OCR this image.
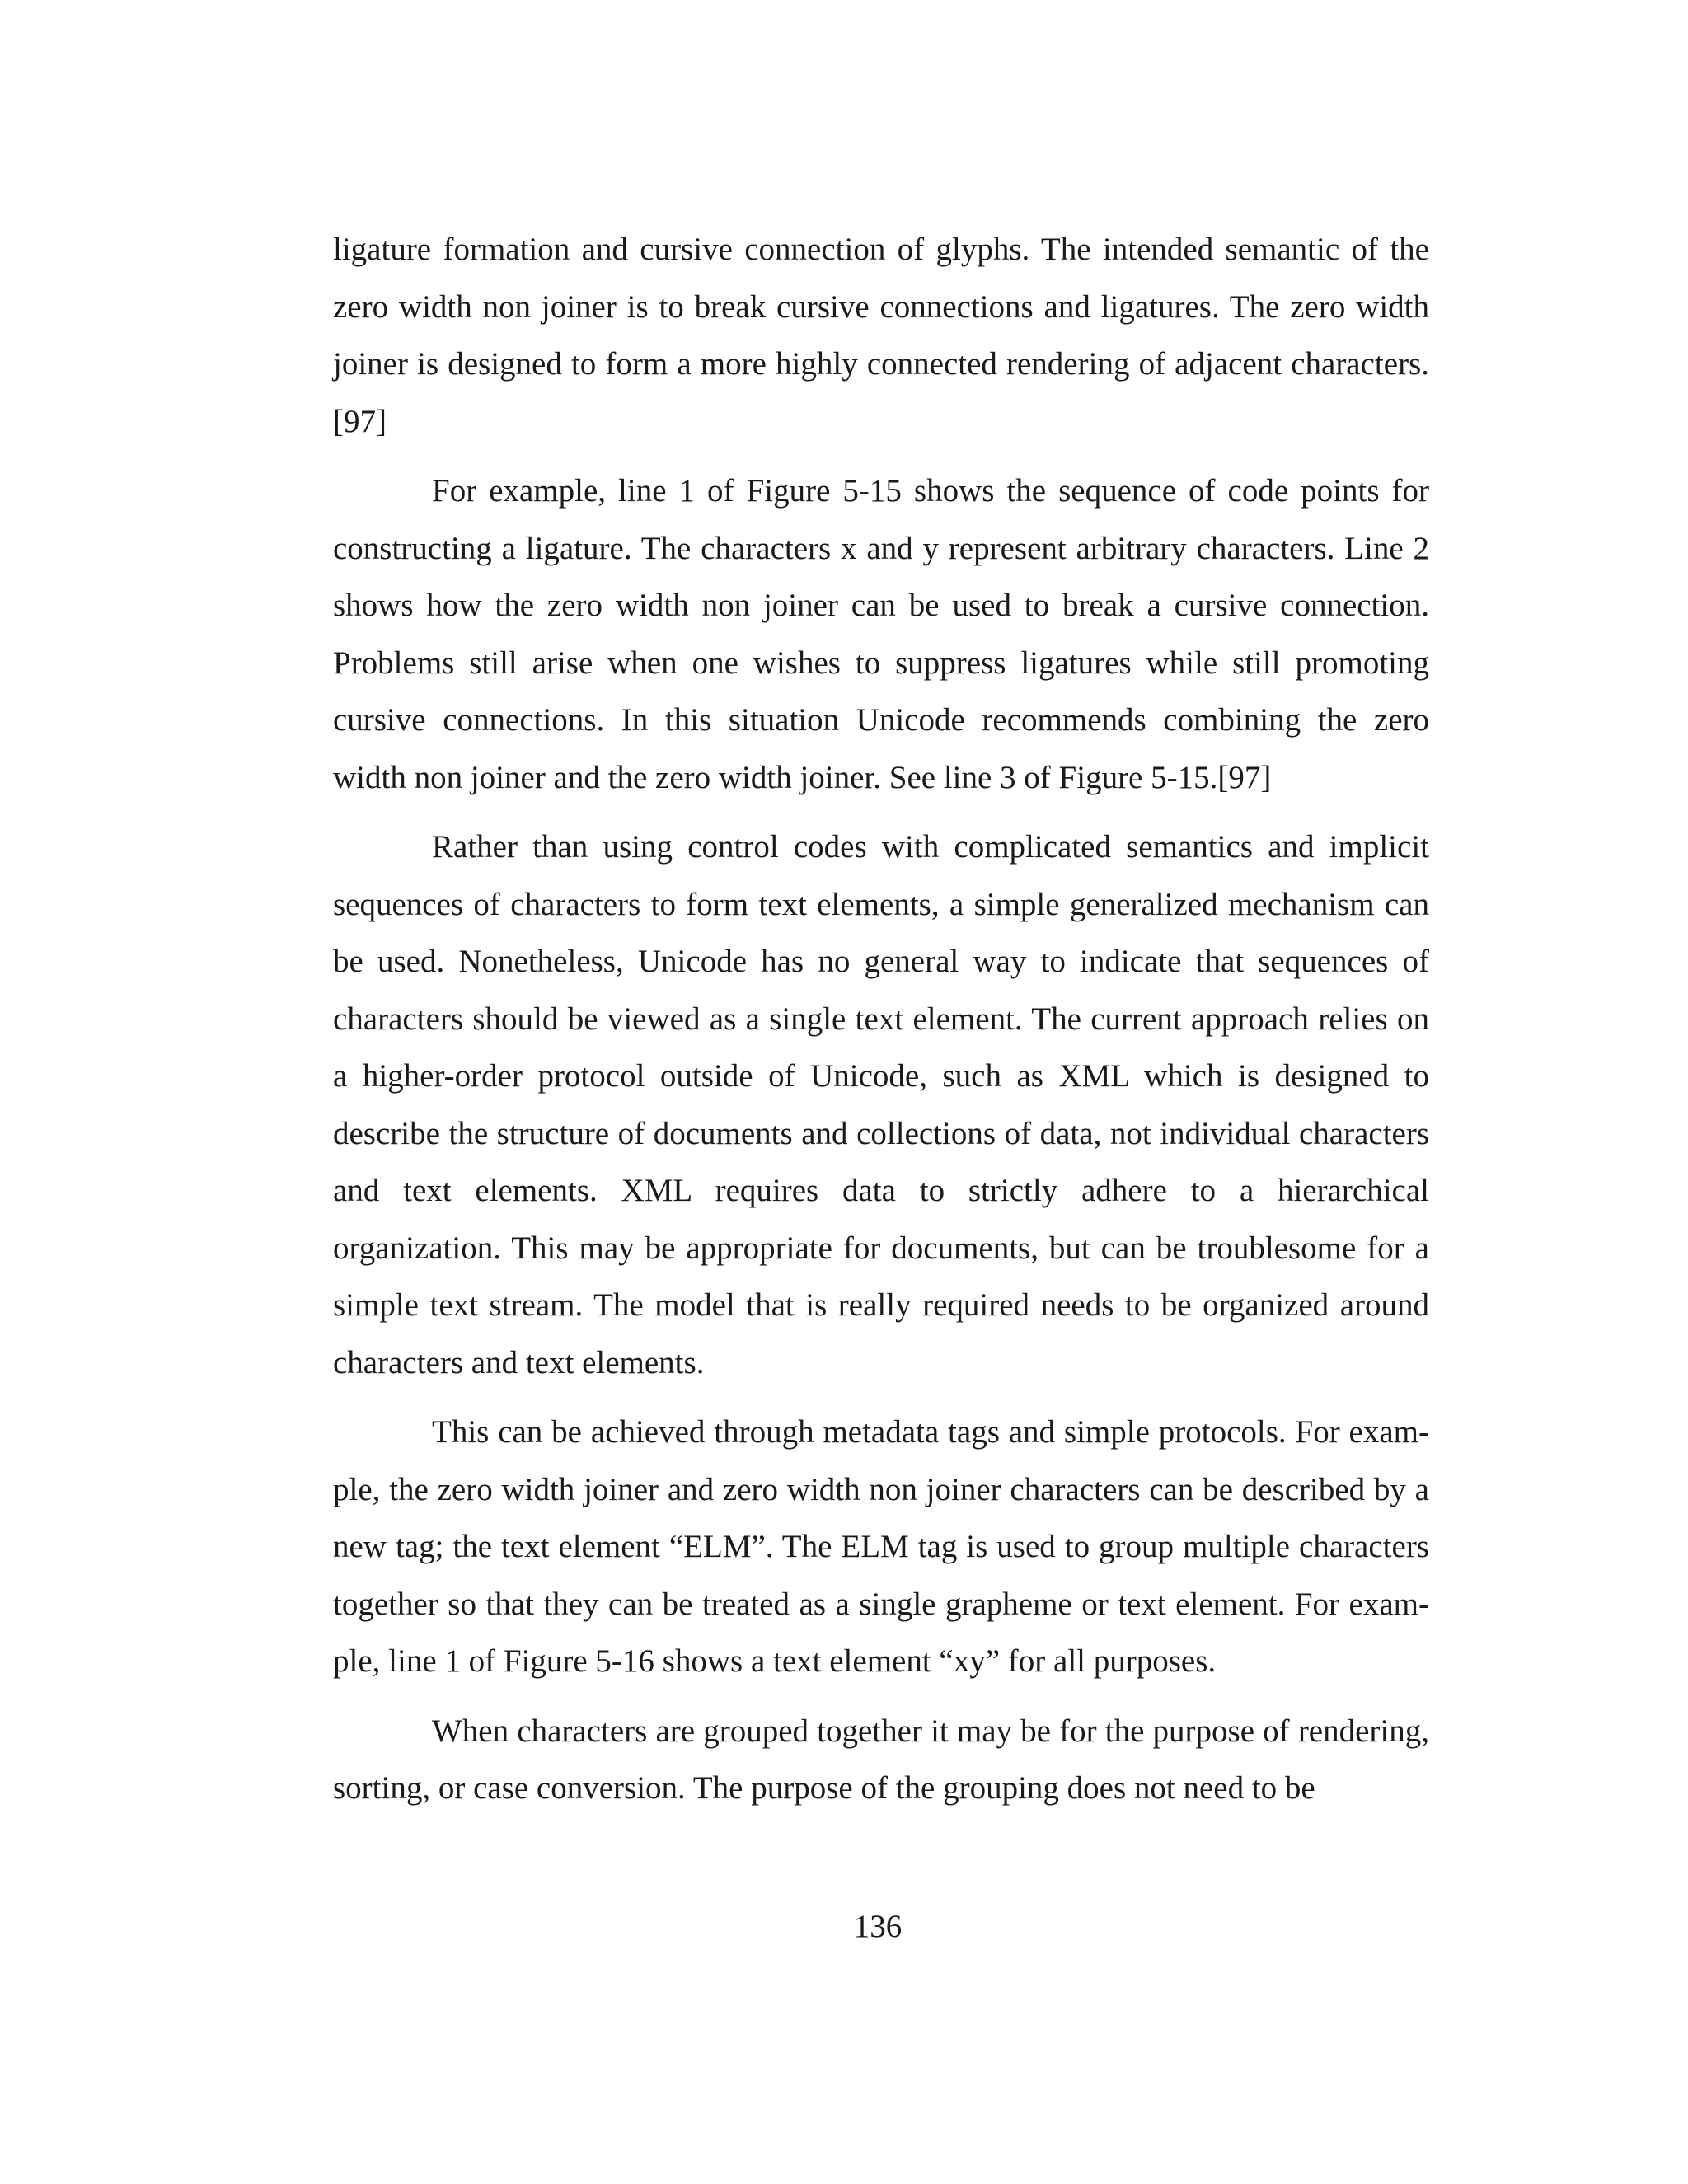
ligature formation and cursive connection of glyphs. The intended semantic of the zero width non joiner is to break cursive connections and ligatures. The zero width joiner is designed to form a more highly connected rendering of adjacent characters.[97]

For example, line 1 of Figure 5-15 shows the sequence of code points for constructing a ligature. The characters x and y represent arbitrary characters. Line 2 shows how the zero width non joiner can be used to break a cursive connection. Problems still arise when one wishes to suppress ligatures while still promoting cursive connections. In this situation Unicode recommends combining the zero width non joiner and the zero width joiner. See line 3 of Figure 5-15.[97]

Rather than using control codes with complicated semantics and implicit sequences of characters to form text elements, a simple generalized mechanism can be used. Nonetheless, Unicode has no general way to indicate that sequences of characters should be viewed as a single text element. The current approach relies on a higher-order protocol outside of Unicode, such as XML which is designed to describe the structure of documents and collections of data, not individual characters and text elements. XML requires data to strictly adhere to a hierarchical organization. This may be appropriate for documents, but can be troublesome for a simple text stream. The model that is really required needs to be organized around characters and text elements.

This can be achieved through metadata tags and simple protocols. For example, the zero width joiner and zero width non joiner characters can be described by a new tag; the text element “ELM”. The ELM tag is used to group multiple characters together so that they can be treated as a single grapheme or text element. For example, line 1 of Figure 5-16 shows a text element “xy” for all purposes.

When characters are grouped together it may be for the purpose of rendering, sorting, or case conversion. The purpose of the grouping does not need to be

136
